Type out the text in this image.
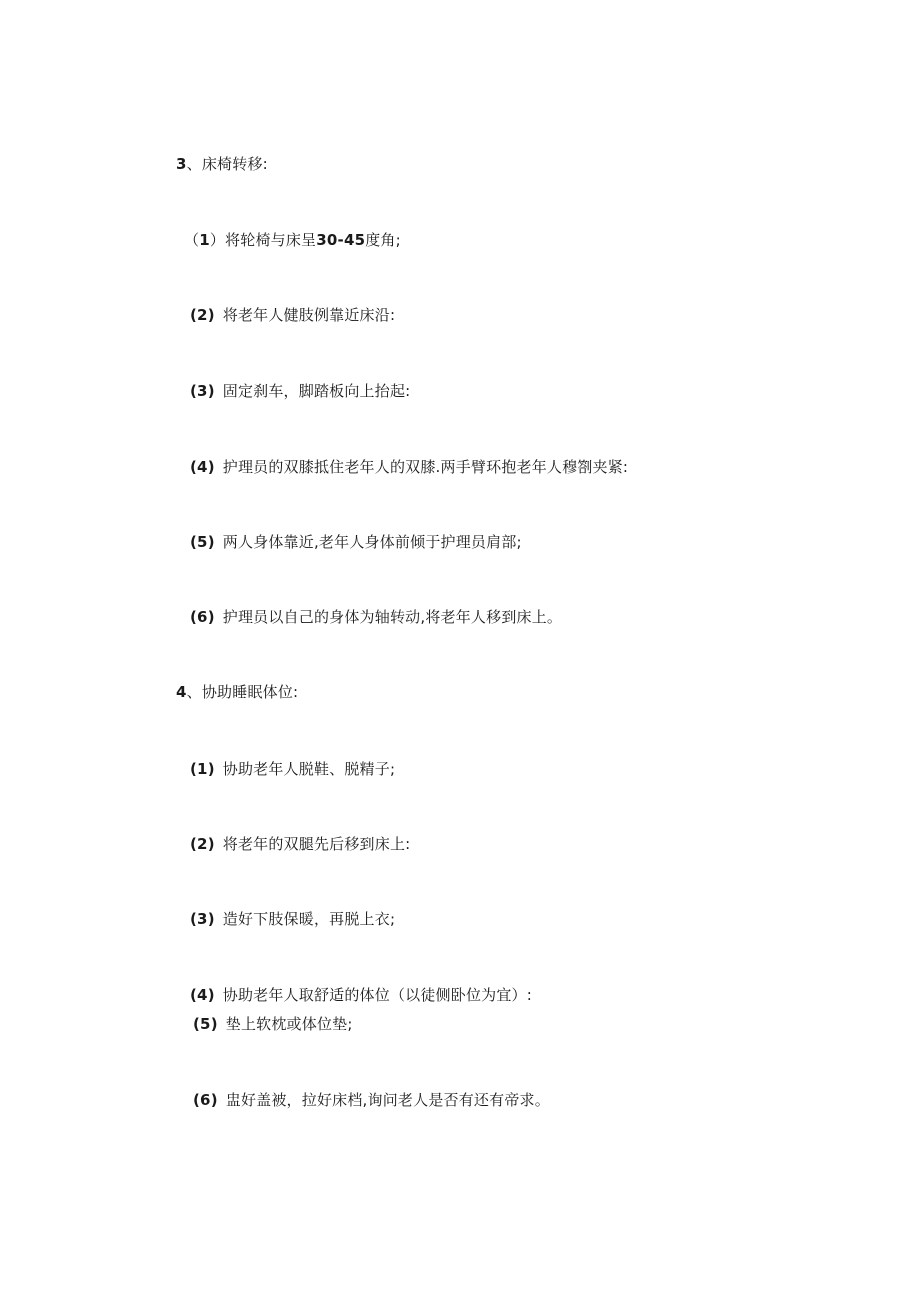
3、床椅转移:
（1）将轮椅与床呈30-45度角;
(2) 将老年人健肢例靠近床沿:
(3) 固定刹车，脚踏板向上抬起:
(4) 护理员的双膝抵住老年人的双膝.两手臂环抱老年人穆劄夹紧:
(5) 两人身体靠近,老年人身体前倾于护理员肩部;
(6) 护理员以自己的身体为轴转动,将老年人移到床上。
4、协助睡眠体位:
(1) 协助老年人脱鞋、脱精子;
(2) 将老年的双腿先后移到床上:
(3) 造好下肢保暖，再脱上衣;
(4) 协助老年人取舒适的体位（以徒侧卧位为宜）:
(5) 垫上软枕或体位垫;
(6) 盅好盖被，拉好床档,询问老人是否有还有帝求。
